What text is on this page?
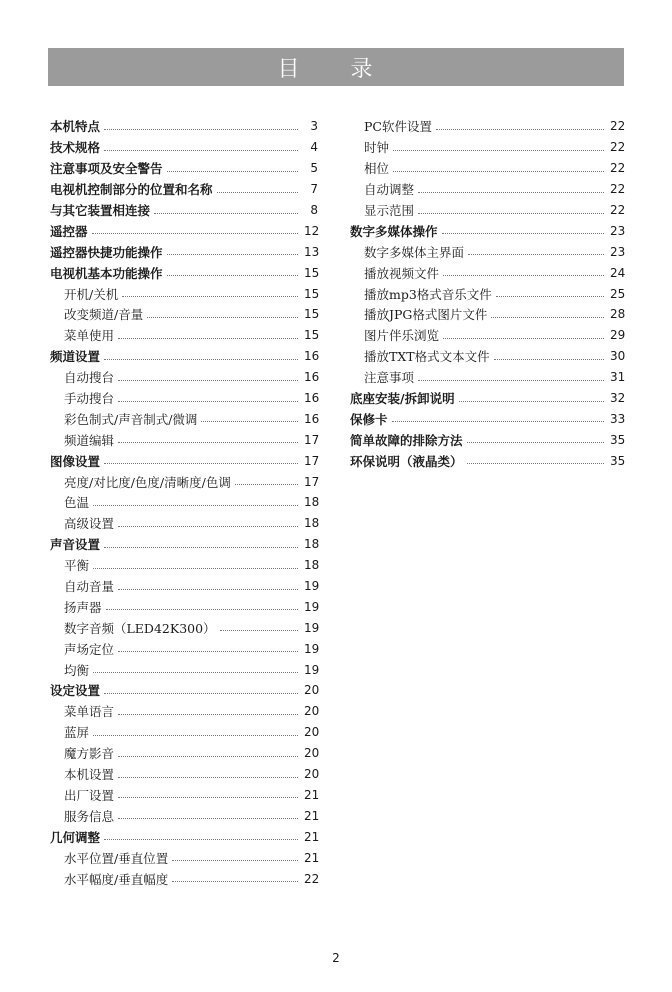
目 录
本机特点	3
技术规格	4
注意事项及安全警告	5
电视机控制部分的位置和名称	7
与其它装置相连接	8
遥控器	12
遥控器快捷功能操作	13
电视机基本功能操作	15
开机/关机	15
改变频道/音量	15
菜单使用	15
频道设置	16
自动搜台	16
手动搜台	16
彩色制式/声音制式/微调	16
频道编辑	17
图像设置	17
亮度/对比度/色度/清晰度/色调	17
色温	18
高级设置	18
声音设置	18
平衡	18
自动音量	19
扬声器	19
数字音频（LED42K300）	19
声场定位	19
均衡	19
设定设置	20
菜单语言	20
蓝屏	20
魔方影音	20
本机设置	20
出厂设置	21
服务信息	21
几何调整	21
水平位置/垂直位置	21
水平幅度/垂直幅度	22
PC软件设置	22
时钟	22
相位	22
自动调整	22
显示范围	22
数字多媒体操作	23
数字多媒体主界面	23
播放视频文件	24
播放mp3格式音乐文件	25
播放JPG格式图片文件	28
图片伴乐浏览	29
播放TXT格式文本文件	30
注意事项	31
底座安装/拆卸说明	32
保修卡	33
简单故障的排除方法	35
环保说明（液晶类）	35
2
